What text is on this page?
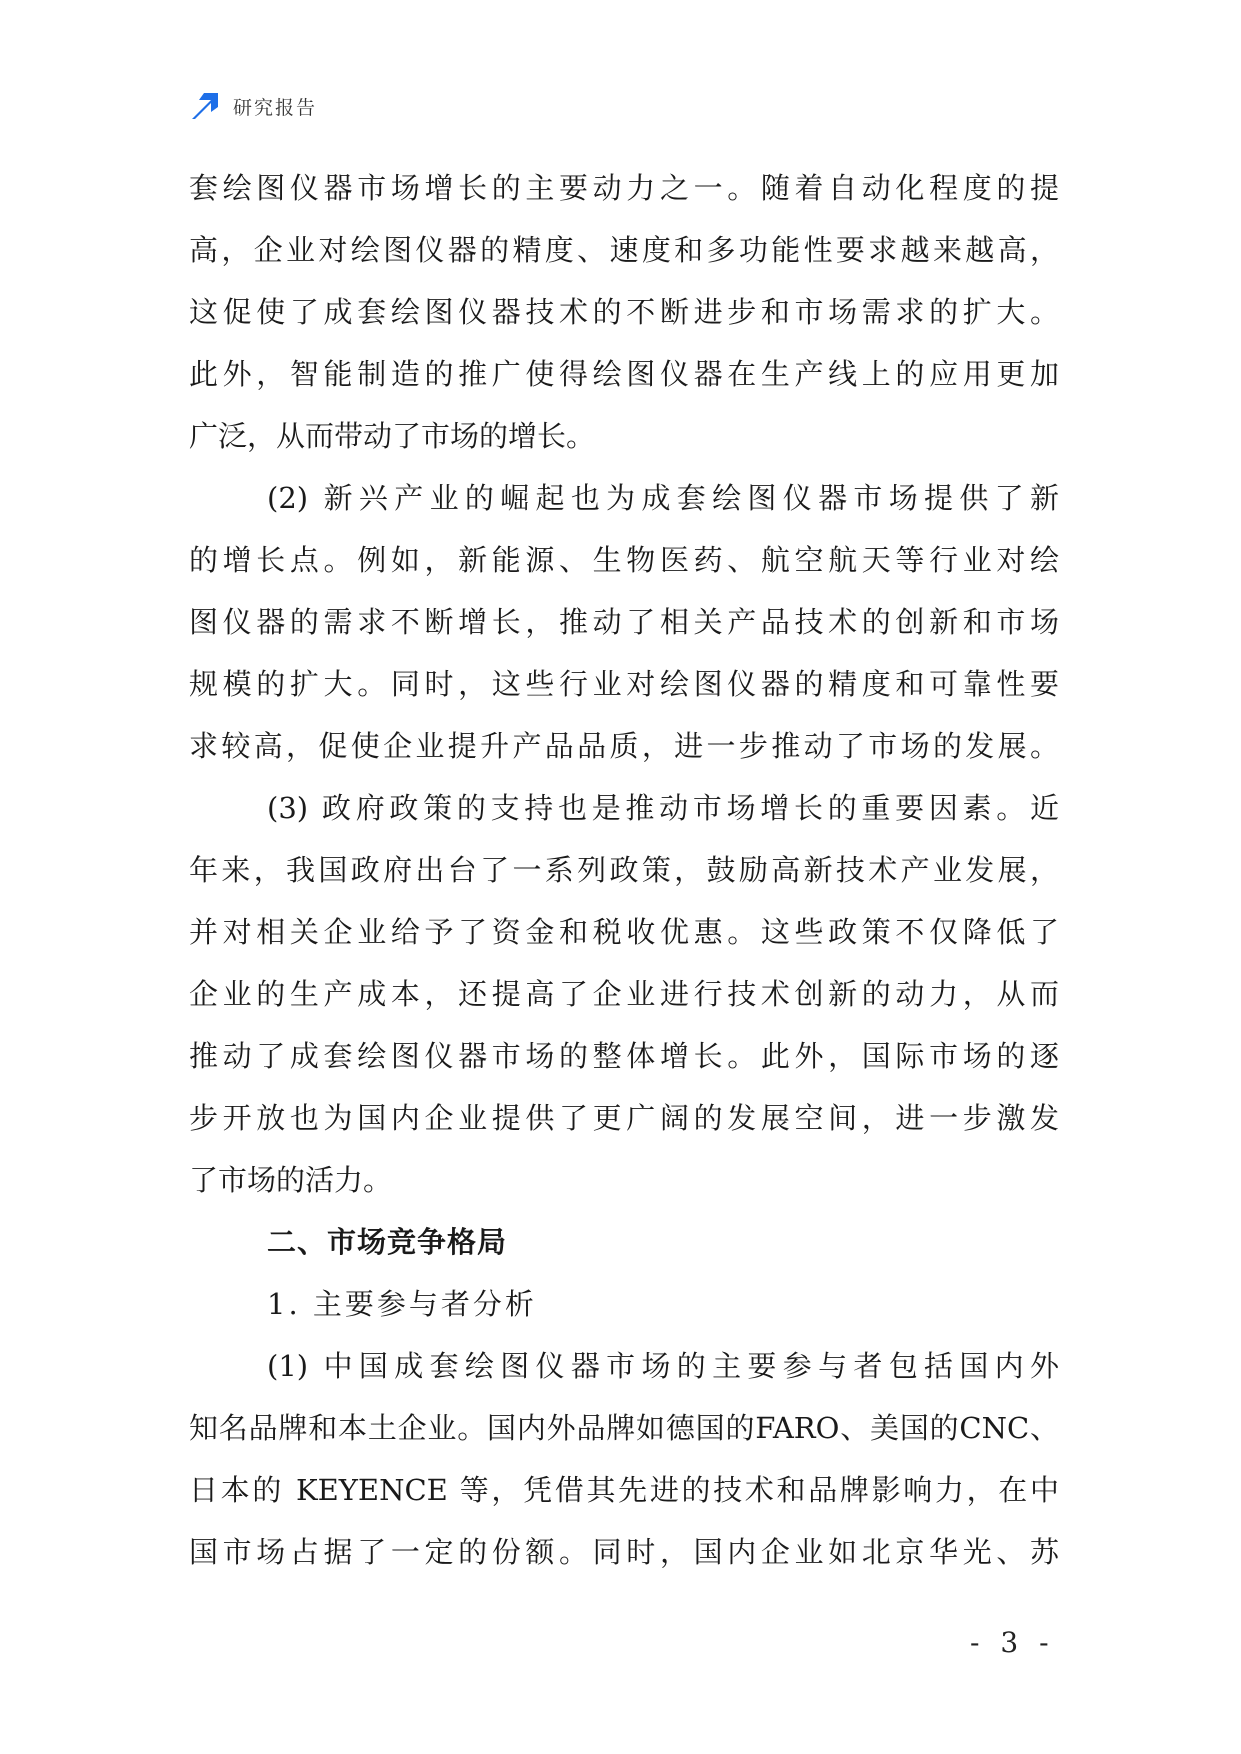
研究报告
套绘图仪器市场增长的主要动力之一。随着自动化程度的提
高，企业对绘图仪器的精度、速度和多功能性要求越来越高，
这促使了成套绘图仪器技术的不断进步和市场需求的扩大。
此外，智能制造的推广使得绘图仪器在生产线上的应用更加
广泛，从而带动了市场的增长。
(2) 新兴产业的崛起也为成套绘图仪器市场提供了新
的增长点。例如，新能源、生物医药、航空航天等行业对绘
图仪器的需求不断增长，推动了相关产品技术的创新和市场
规模的扩大。同时，这些行业对绘图仪器的精度和可靠性要
求较高，促使企业提升产品品质，进一步推动了市场的发展。
(3) 政府政策的支持也是推动市场增长的重要因素。近
年来，我国政府出台了一系列政策，鼓励高新技术产业发展，
并对相关企业给予了资金和税收优惠。这些政策不仅降低了
企业的生产成本，还提高了企业进行技术创新的动力，从而
推动了成套绘图仪器市场的整体增长。此外，国际市场的逐
步开放也为国内企业提供了更广阔的发展空间，进一步激发
了市场的活力。
二、市场竞争格局
1. 主要参与者分析
(1) 中国成套绘图仪器市场的主要参与者包括国内外
知名品牌和本土企业。国内外品牌如德国的FARO、美国的CNC、
日本的 KEYENCE 等，凭借其先进的技术和品牌影响力，在中
国市场占据了一定的份额。同时，国内企业如北京华光、苏
- 3 -
